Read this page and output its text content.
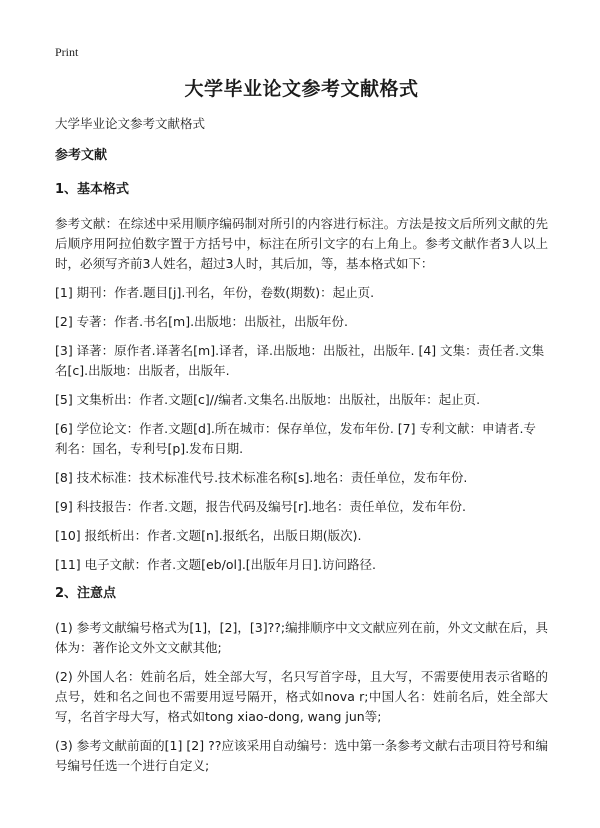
Print
大学毕业论文参考文献格式
大学毕业论文参考文献格式
参考文献
1、基本格式

参考文献：在综述中采用顺序编码制对所引的内容进行标注。方法是按文后所列文献的先后顺序用阿拉伯数字置于方括号中，标注在所引文字的右上角上。参考文献作者3人以上时，必须写齐前3人姓名，超过3人时，其后加，等，基本格式如下：

[1] 期刊：作者.题目[j].刊名，年份，卷数(期数)：起止页.

[2] 专著：作者.书名[m].出版地：出版社，出版年份.

[3] 译著：原作者.译著名[m].译者，译.出版地：出版社，出版年. [4] 文集：责任者.文集名[c].出版地：出版者，出版年.

[5] 文集析出：作者.文题[c]//编者.文集名.出版地：出版社，出版年：起止页.

[6] 学位论文：作者.文题[d].所在城市：保存单位，发布年份. [7] 专利文献：申请者.专利名：国名，专利号[p].发布日期.

[8] 技术标准：技术标准代号.技术标准名称[s].地名：责任单位，发布年份.

[9] 科技报告：作者.文题，报告代码及编号[r].地名：责任单位，发布年份.

[10] 报纸析出：作者.文题[n].报纸名，出版日期(版次).

[11] 电子文献：作者.文题[eb/ol].[出版年月日].访问路径.

2、注意点

(1) 参考文献编号格式为[1]，[2]，[3]??;编排顺序中文文献应列在前，外文文献在后，具体为：著作论文外文文献其他;

(2) 外国人名：姓前名后，姓全部大写，名只写首字母，且大写，不需要使用表示省略的点号，姓和名之间也不需要用逗号隔开，格式如nova r;中国人名：姓前名后，姓全部大写，名首字母大写，格式如tong xiao-dong, wang jun等;

(3) 参考文献前面的[1] [2] ??应该采用自动编号：选中第一条参考文献右击项目符号和编号编号任选一个进行自定义;
